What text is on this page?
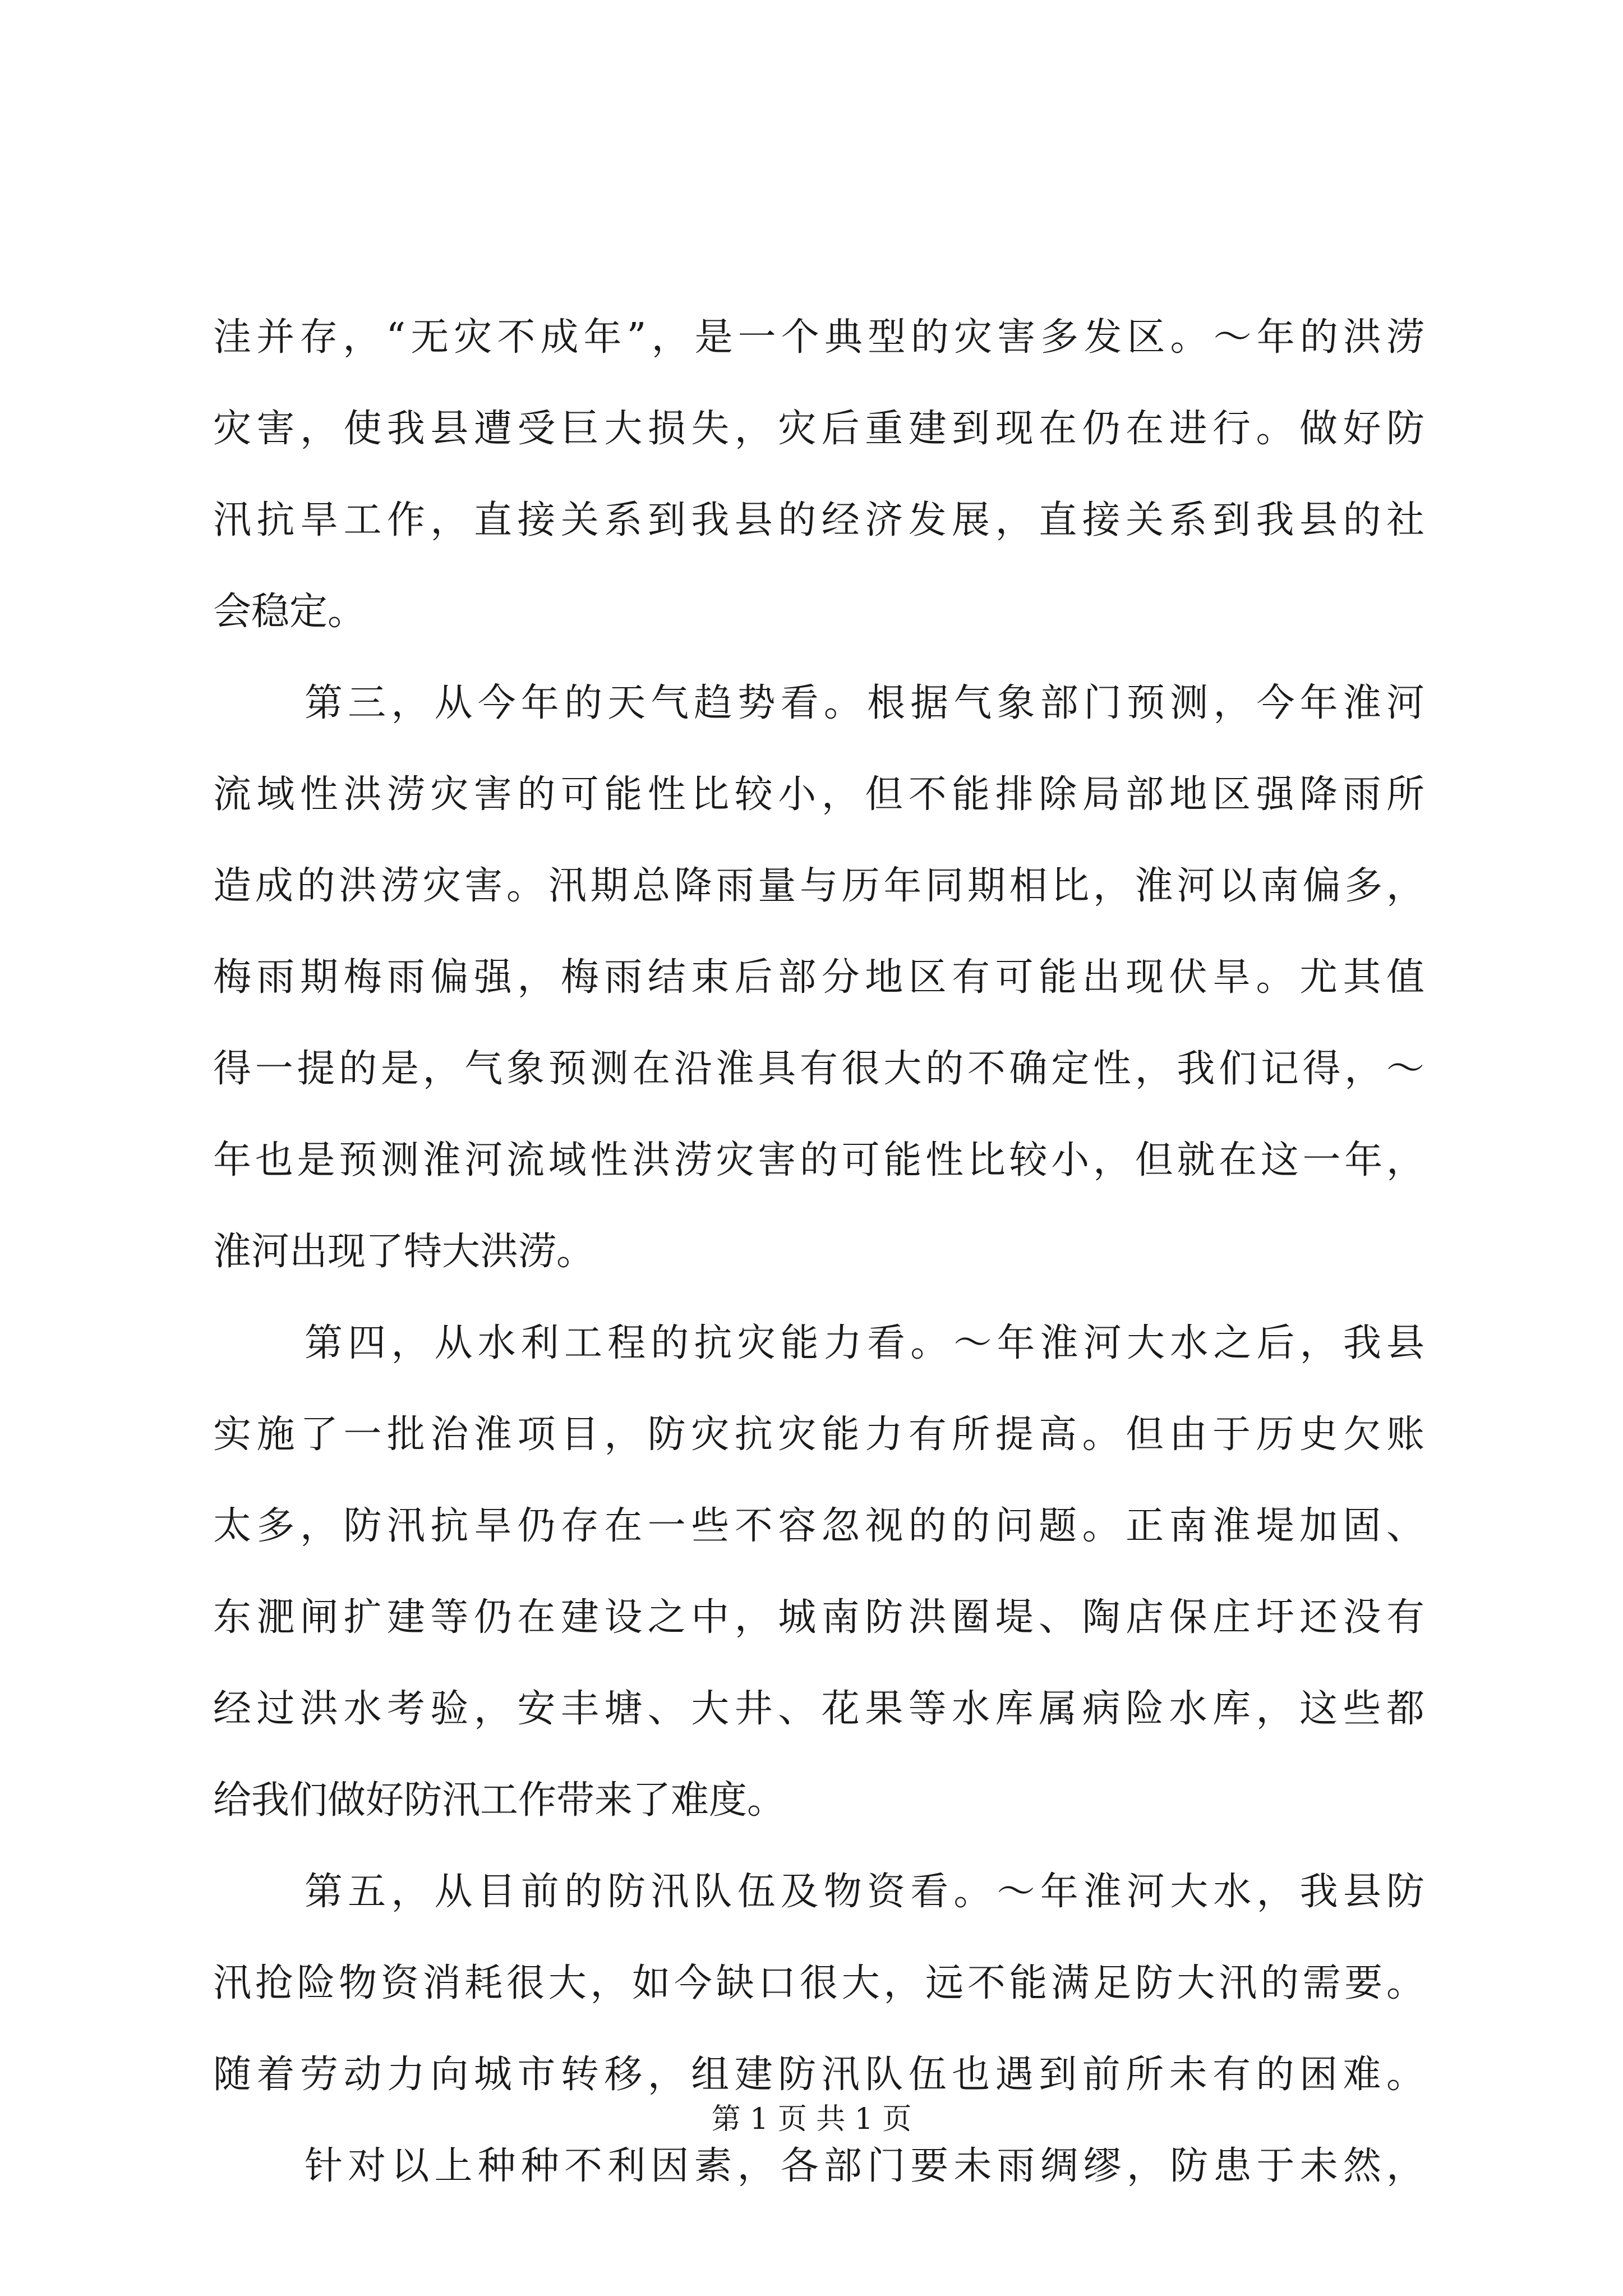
洼并存，“无灾不成年”，是一个典型的灾害多发区。～年的洪涝
灾害，使我县遭受巨大损失，灾后重建到现在仍在进行。做好防
汛抗旱工作，直接关系到我县的经济发展，直接关系到我县的社
会稳定。
第三，从今年的天气趋势看。根据气象部门预测，今年淮河
流域性洪涝灾害的可能性比较小，但不能排除局部地区强降雨所
造成的洪涝灾害。汛期总降雨量与历年同期相比，淮河以南偏多，
梅雨期梅雨偏强，梅雨结束后部分地区有可能出现伏旱。尤其值
得一提的是，气象预测在沿淮具有很大的不确定性，我们记得，～
年也是预测淮河流域性洪涝灾害的可能性比较小，但就在这一年，
淮河出现了特大洪涝。
第四，从水利工程的抗灾能力看。～年淮河大水之后，我县
实施了一批治淮项目，防灾抗灾能力有所提高。但由于历史欠账
太多，防汛抗旱仍存在一些不容忽视的的问题。正南淮堤加固、
东淝闸扩建等仍在建设之中，城南防洪圈堤、陶店保庄圩还没有
经过洪水考验，安丰塘、大井、花果等水库属病险水库，这些都
给我们做好防汛工作带来了难度。
第五，从目前的防汛队伍及物资看。～年淮河大水，我县防
汛抢险物资消耗很大，如今缺口很大，远不能满足防大汛的需要。
随着劳动力向城市转移，组建防汛队伍也遇到前所未有的困难。
针对以上种种不利因素，各部门要未雨绸缪，防患于未然，
第 1 页 共 1 页
